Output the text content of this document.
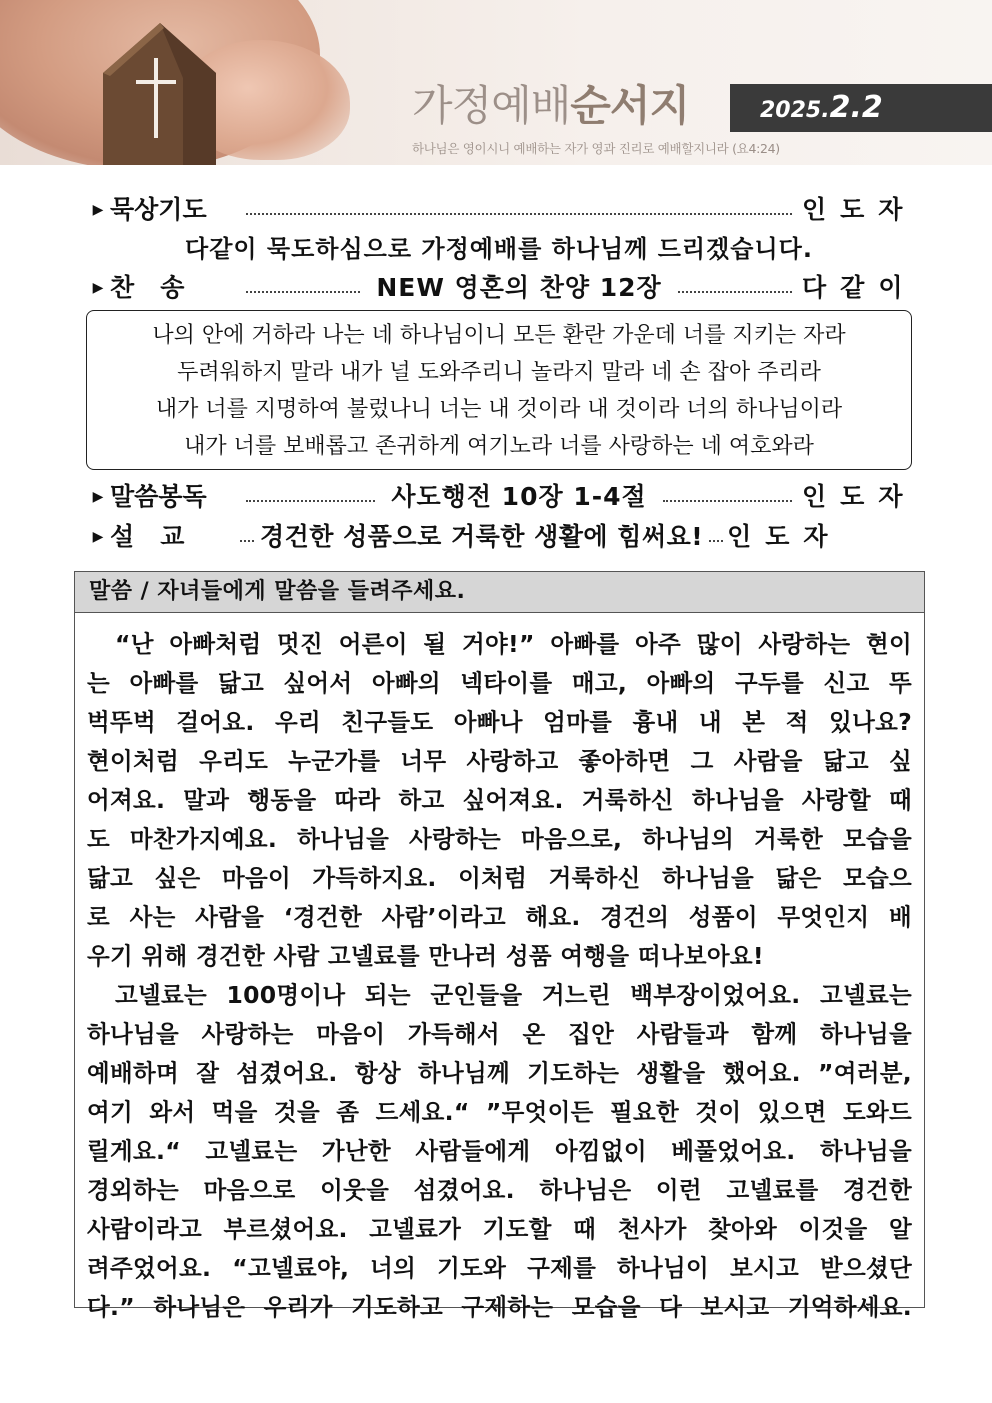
가정예배순서지	2025.2.2
하나님은 영이시니 예배하는 자가 영과 진리로 예배할지니라 (요4:24)
▶ 묵상기도	인도자
다같이 묵도하심으로 가정예배를 하나님께 드리겠습니다.
▶ 찬   송	NEW 영혼의 찬양 12장	다같이
나의 안에 거하라 나는 네 하나님이니 모든 환란 가운데 너를 지키는 자라
두려워하지 말라 내가 널 도와주리니 놀라지 말라 네 손 잡아 주리라
내가 너를 지명하여 불렀나니 너는 내 것이라 내 것이라 너의 하나님이라
내가 너를 보배롭고 존귀하게 여기노라 너를 사랑하는 네 여호와라
▶ 말씀봉독	사도행전 10장 1-4절	인도자
▶ 설   교	경건한 성품으로 거룩한 생활에 힘써요! 인도자
말씀 / 자녀들에게 말씀을 들려주세요.
“난 아빠처럼 멋진 어른이 될 거야!” 아빠를 아주 많이 사랑하는 현이
는 아빠를 닮고 싶어서 아빠의 넥타이를 매고, 아빠의 구두를 신고 뚜
벅뚜벅 걸어요. 우리 친구들도 아빠나 엄마를 흉내 내 본 적 있나요?
현이처럼 우리도 누군가를 너무 사랑하고 좋아하면 그 사람을 닮고 싶
어져요. 말과 행동을 따라 하고 싶어져요. 거룩하신 하나님을 사랑할 때
도 마찬가지예요. 하나님을 사랑하는 마음으로, 하나님의 거룩한 모습을
닮고 싶은 마음이 가득하지요. 이처럼 거룩하신 하나님을 닮은 모습으
로 사는 사람을 ‘경건한 사람’이라고 해요. 경건의 성품이 무엇인지 배
우기 위해 경건한 사람 고넬료를 만나러 성품 여행을 떠나보아요!
고넬료는 100명이나 되는 군인들을 거느린 백부장이었어요. 고넬료는
하나님을 사랑하는 마음이 가득해서 온 집안 사람들과 함께 하나님을
예배하며 잘 섬겼어요. 항상 하나님께 기도하는 생활을 했어요. ”여러분,
여기 와서 먹을 것을 좀 드세요.“ ”무엇이든 필요한 것이 있으면 도와드
릴게요.“ 고넬료는 가난한 사람들에게 아낌없이 베풀었어요. 하나님을
경외하는 마음으로 이웃을 섬겼어요. 하나님은 이런 고넬료를 경건한
사람이라고 부르셨어요. 고넬료가 기도할 때 천사가 찾아와 이것을 알
려주었어요. “고넬료야, 너의 기도와 구제를 하나님이 보시고 받으셨단
다.” 하나님은 우리가 기도하고 구제하는 모습을 다 보시고 기억하세요.
